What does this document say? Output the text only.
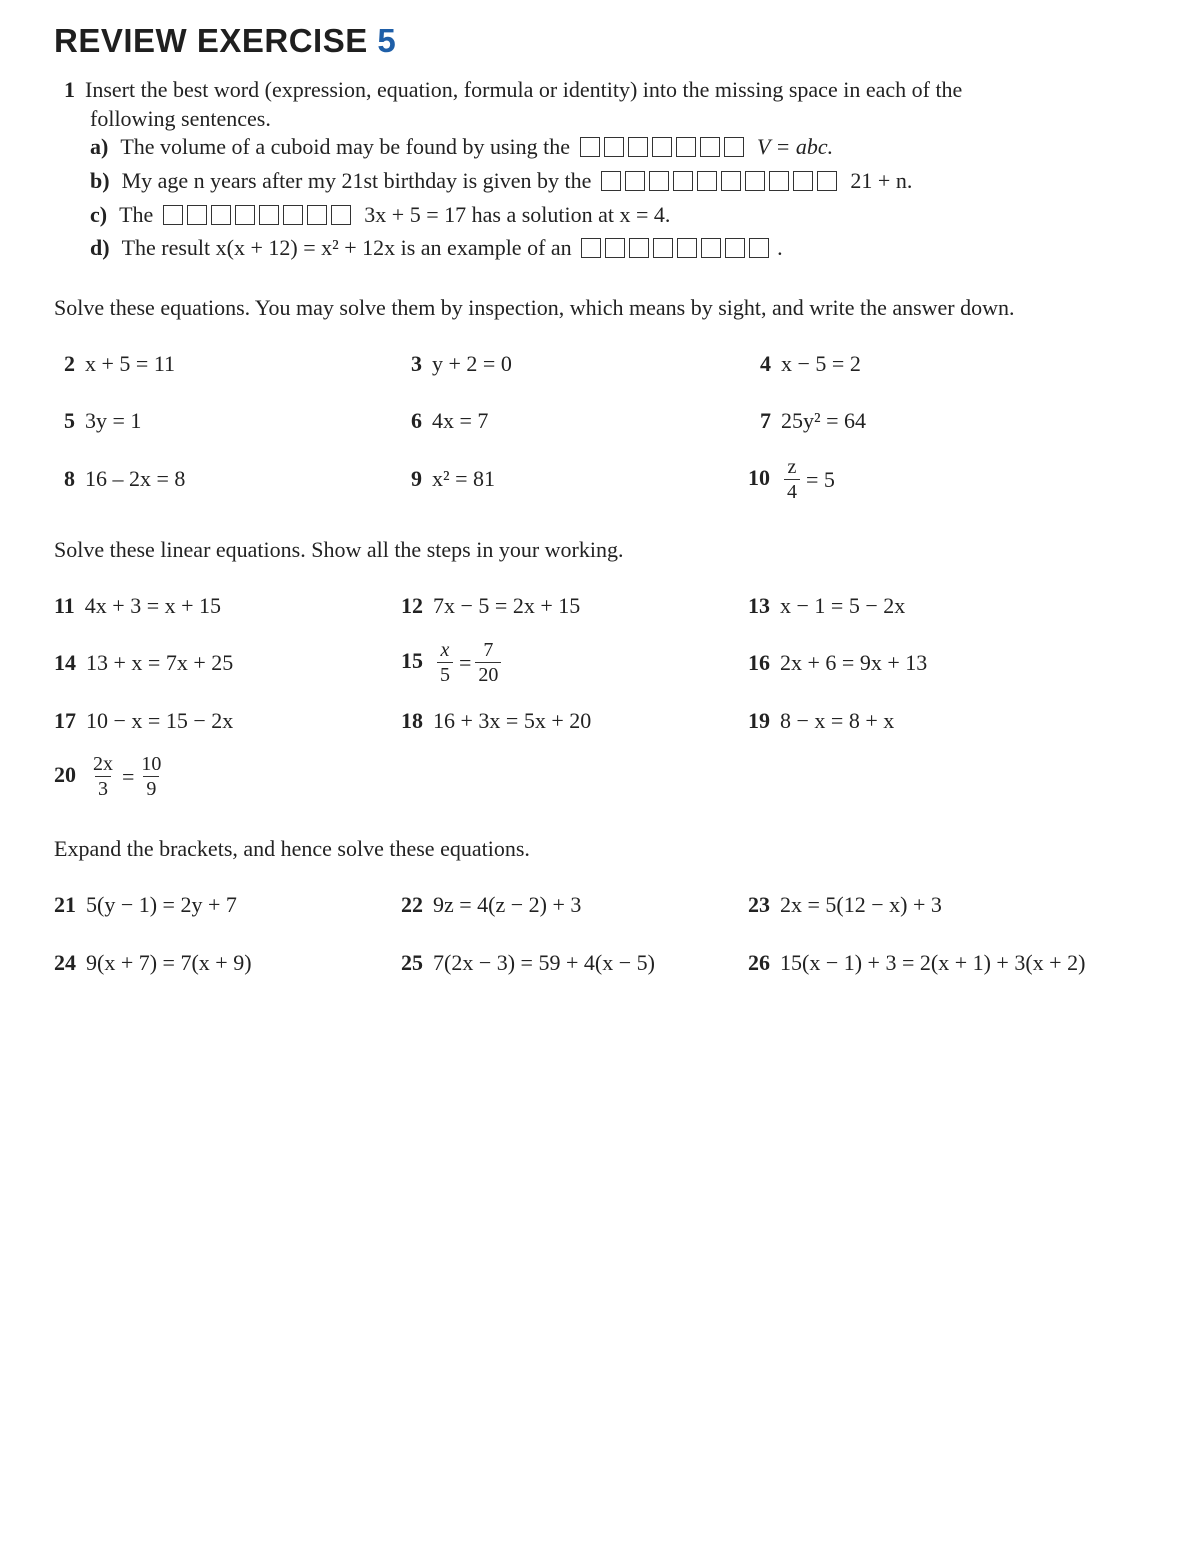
REVIEW EXERCISE 5
1 Insert the best word (expression, equation, formula or identity) into the missing space in each of the
following sentences.
a) The volume of a cuboid may be found by using the	V = abc.
b) My age n years after my 21st birthday is given by the	21 + n.
c) The	3x + 5 = 17 has a solution at x = 4.
d) The result x(x + 12) = x² + 12x is an example of an	.
Solve these equations. You may solve them by inspection, which means by sight, and write the answer down.
2 x + 5 = 11	3 y + 2 = 0	4 x − 5 = 2
5 3y = 1	6 4x = 7	7 25y² = 64
8 16 – 2x = 8	9 x² = 81	$10 \frac{z}{4} = 5$
Solve these linear equations. Show all the steps in your working.
11 4x + 3 = x + 15	12 7x − 5 = 2x + 15	13 x − 1 = 5 − 2x
14 13 + x = 7x + 25	$15 \frac{x}{5} = \frac{7}{20}$	16 2x + 6 = 9x + 13
17 10 − x = 15 − 2x	18 16 + 3x = 5x + 20	19 8 − x = 8 + x
$20 \frac{2x}{3} = \frac{10}{9}$
Expand the brackets, and hence solve these equations.
21 5(y − 1) = 2y + 7	22 9z = 4(z − 2) + 3	23 2x = 5(12 − x) + 3
24 9(x + 7) = 7(x + 9)	25 7(2x − 3) = 59 + 4(x − 5)	26 15(x − 1) + 3 = 2(x + 1) + 3(x + 2)
